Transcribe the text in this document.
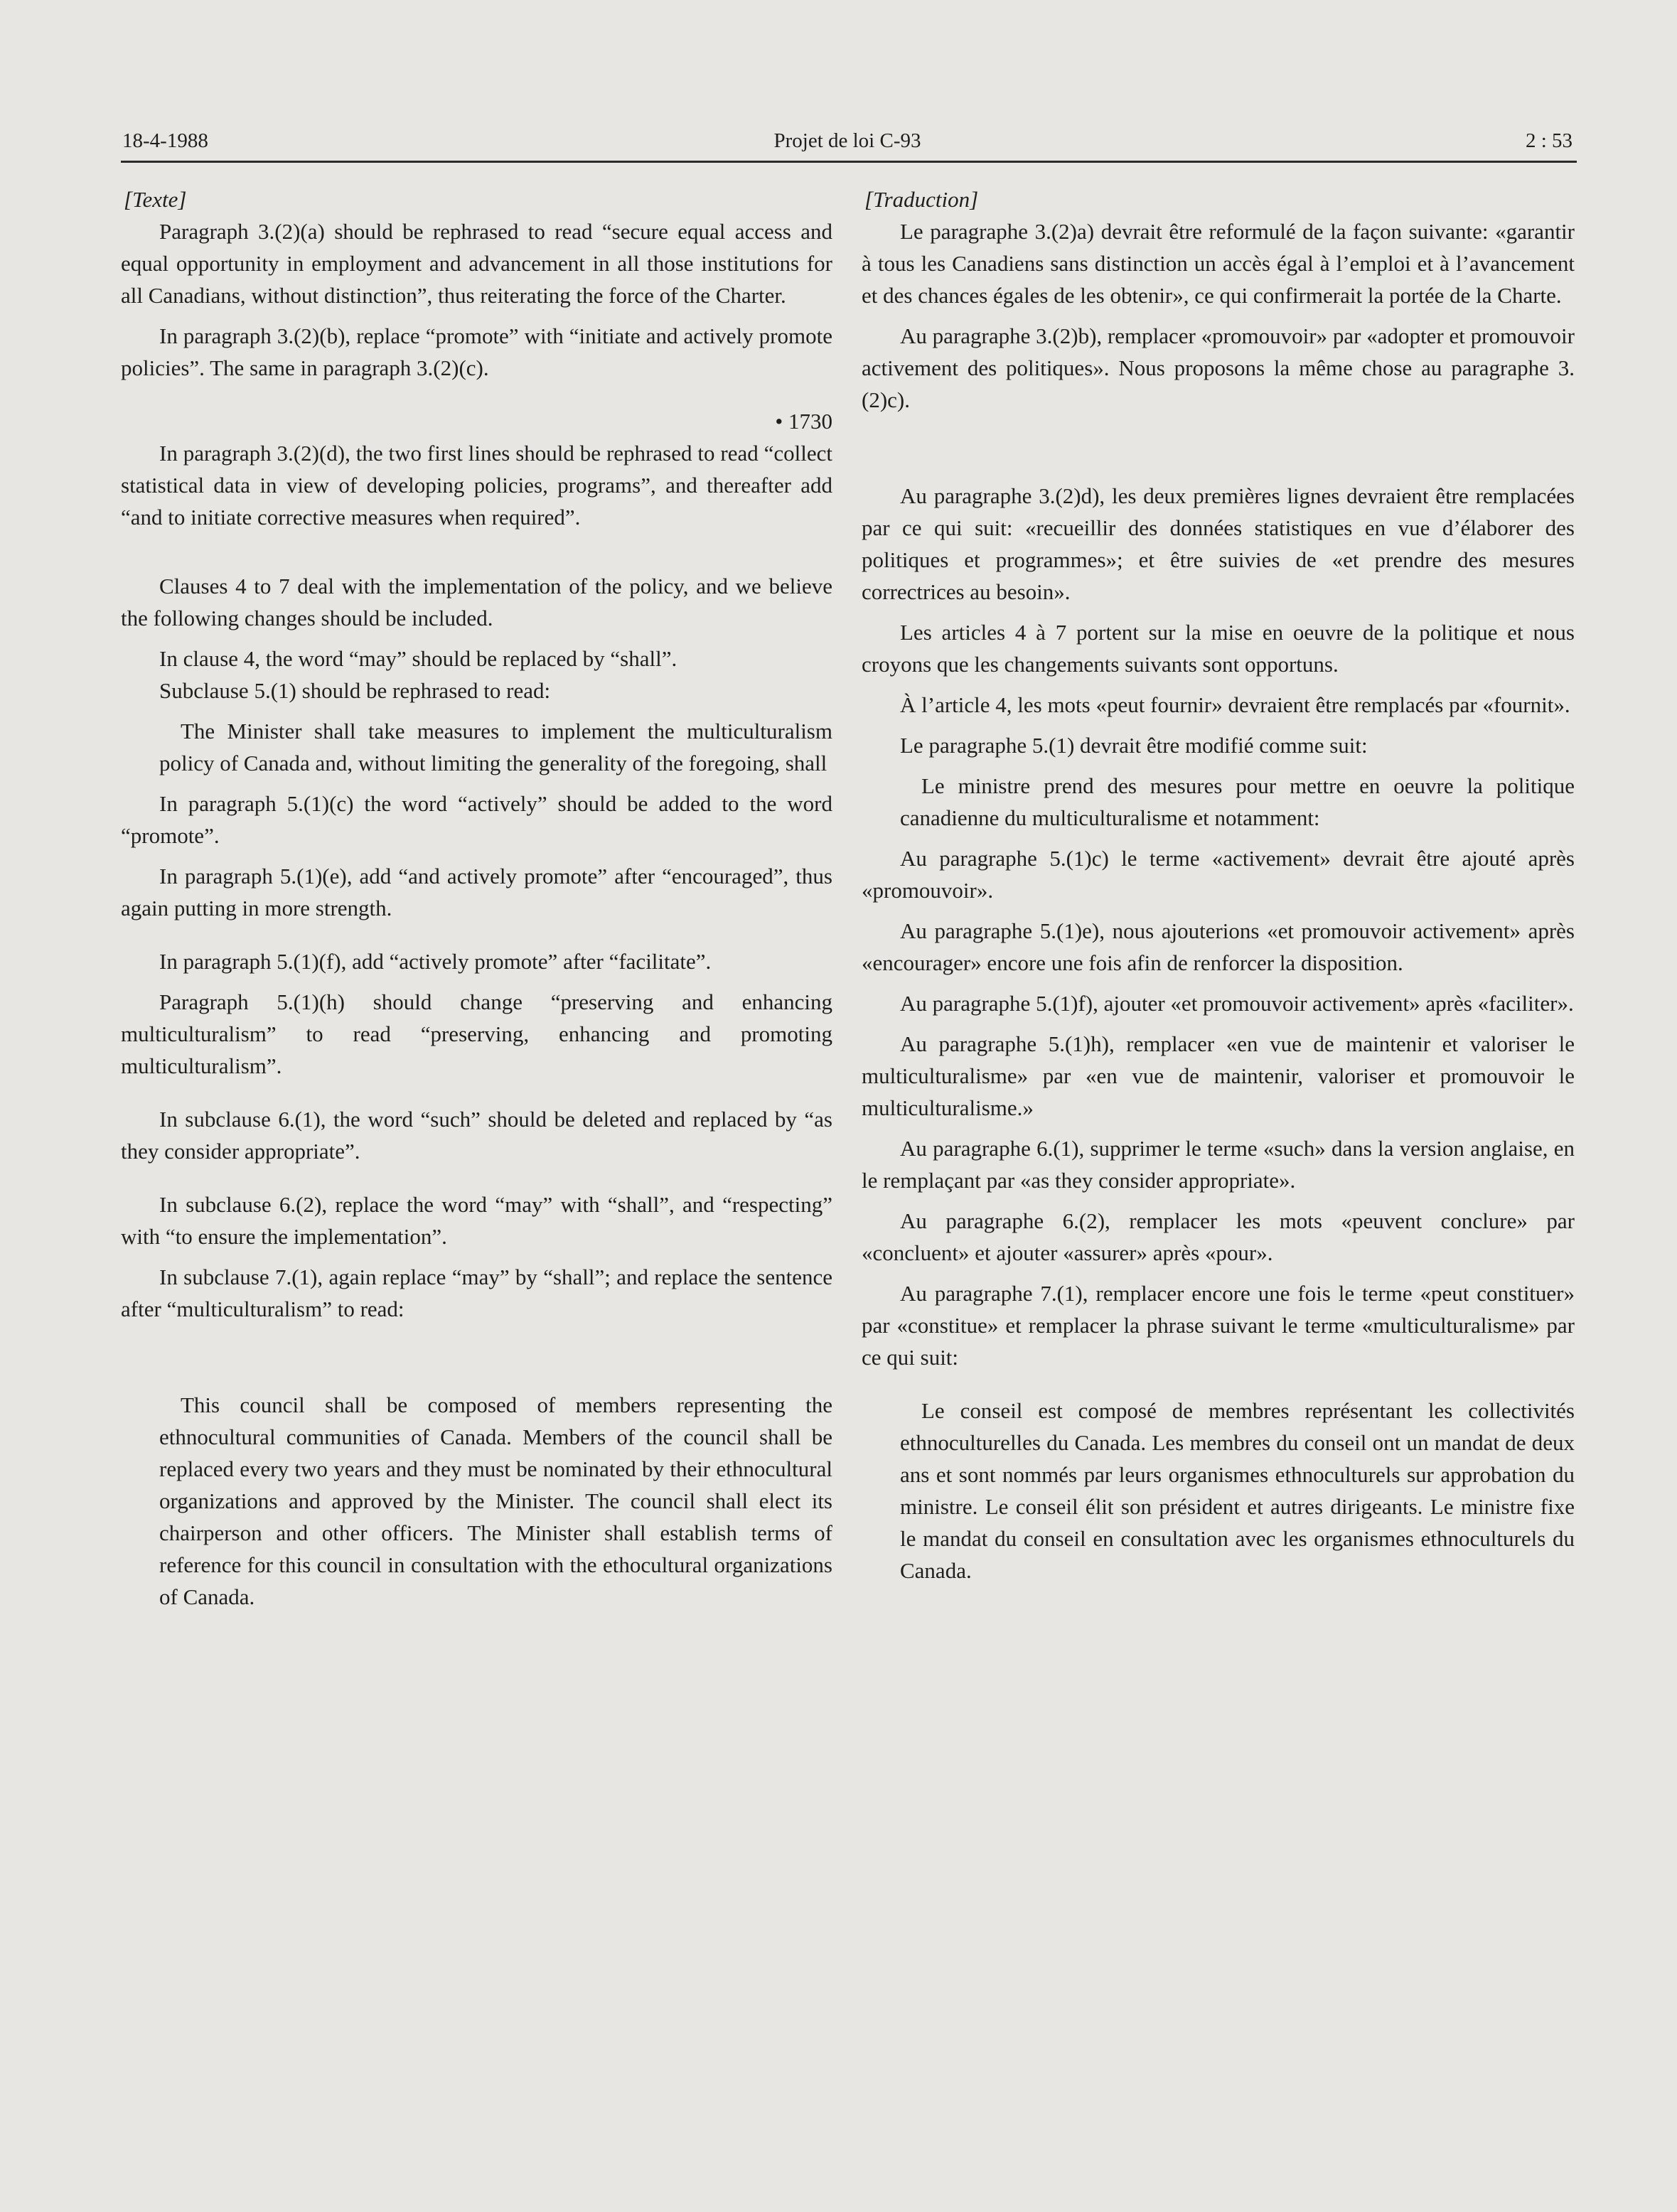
18-4-1988	Projet de loi C-93	2 : 53

[Texte]

Paragraph 3.(2)(a) should be rephrased to read “secure equal access and equal opportunity in employment and advancement in all those institutions for all Canadians, without distinction”, thus reiterating the force of the Charter.

In paragraph 3.(2)(b), replace “promote” with “initiate and actively promote policies”. The same in paragraph 3.(2)(c).

• 1730

In paragraph 3.(2)(d), the two first lines should be rephrased to read “collect statistical data in view of developing policies, programs”, and thereafter add “and to initiate corrective measures when required”.

Clauses 4 to 7 deal with the implementation of the policy, and we believe the following changes should be included.

In clause 4, the word “may” should be replaced by “shall”.

Subclause 5.(1) should be rephrased to read:

The Minister shall take measures to implement the multiculturalism policy of Canada and, without limiting the generality of the foregoing, shall

In paragraph 5.(1)(c) the word “actively” should be added to the word “promote”.

In paragraph 5.(1)(e), add “and actively promote” after “encouraged”, thus again putting in more strength.

In paragraph 5.(1)(f), add “actively promote” after “facilitate”.

Paragraph 5.(1)(h) should change “preserving and enhancing multiculturalism” to read “preserving, enhancing and promoting multiculturalism”.

In subclause 6.(1), the word “such” should be deleted and replaced by “as they consider appropriate”.

In subclause 6.(2), replace the word “may” with “shall”, and “respecting” with “to ensure the implementation”.

In subclause 7.(1), again replace “may” by “shall”; and replace the sentence after “multiculturalism” to read:

This council shall be composed of members representing the ethnocultural communities of Canada. Members of the council shall be replaced every two years and they must be nominated by their ethnocultural organizations and approved by the Minister. The council shall elect its chairperson and other officers. The Minister shall establish terms of reference for this council in consultation with the ethocultural organizations of Canada.

[Traduction]

Le paragraphe 3.(2)a) devrait être reformulé de la façon suivante: «garantir à tous les Canadiens sans distinction un accès égal à l’emploi et à l’avancement et des chances égales de les obtenir», ce qui confirmerait la portée de la Charte.

Au paragraphe 3.(2)b), remplacer «promouvoir» par «adopter et promouvoir activement des politiques». Nous proposons la même chose au paragraphe 3.(2)c).

Au paragraphe 3.(2)d), les deux premières lignes devraient être remplacées par ce qui suit: «recueillir des données statistiques en vue d’élaborer des politiques et programmes»; et être suivies de «et prendre des mesures correctrices au besoin».

Les articles 4 à 7 portent sur la mise en oeuvre de la politique et nous croyons que les changements suivants sont opportuns.

À l’article 4, les mots «peut fournir» devraient être remplacés par «fournit».

Le paragraphe 5.(1) devrait être modifié comme suit:

Le ministre prend des mesures pour mettre en oeuvre la politique canadienne du multiculturalisme et notamment:

Au paragraphe 5.(1)c) le terme «activement» devrait être ajouté après «promouvoir».

Au paragraphe 5.(1)e), nous ajouterions «et promouvoir activement» après «encourager» encore une fois afin de renforcer la disposition.

Au paragraphe 5.(1)f), ajouter «et promouvoir activement» après «faciliter».

Au paragraphe 5.(1)h), remplacer «en vue de maintenir et valoriser le multiculturalisme» par «en vue de maintenir, valoriser et promouvoir le multiculturalisme.»

Au paragraphe 6.(1), supprimer le terme «such» dans la version anglaise, en le remplaçant par «as they consider appropriate».

Au paragraphe 6.(2), remplacer les mots «peuvent conclure» par «concluent» et ajouter «assurer» après «pour».

Au paragraphe 7.(1), remplacer encore une fois le terme «peut constituer» par «constitue» et remplacer la phrase suivant le terme «multiculturalisme» par ce qui suit:

Le conseil est composé de membres représentant les collectivités ethnoculturelles du Canada. Les membres du conseil ont un mandat de deux ans et sont nommés par leurs organismes ethnoculturels sur approbation du ministre. Le conseil élit son président et autres dirigeants. Le ministre fixe le mandat du conseil en consultation avec les organismes ethnoculturels du Canada.
